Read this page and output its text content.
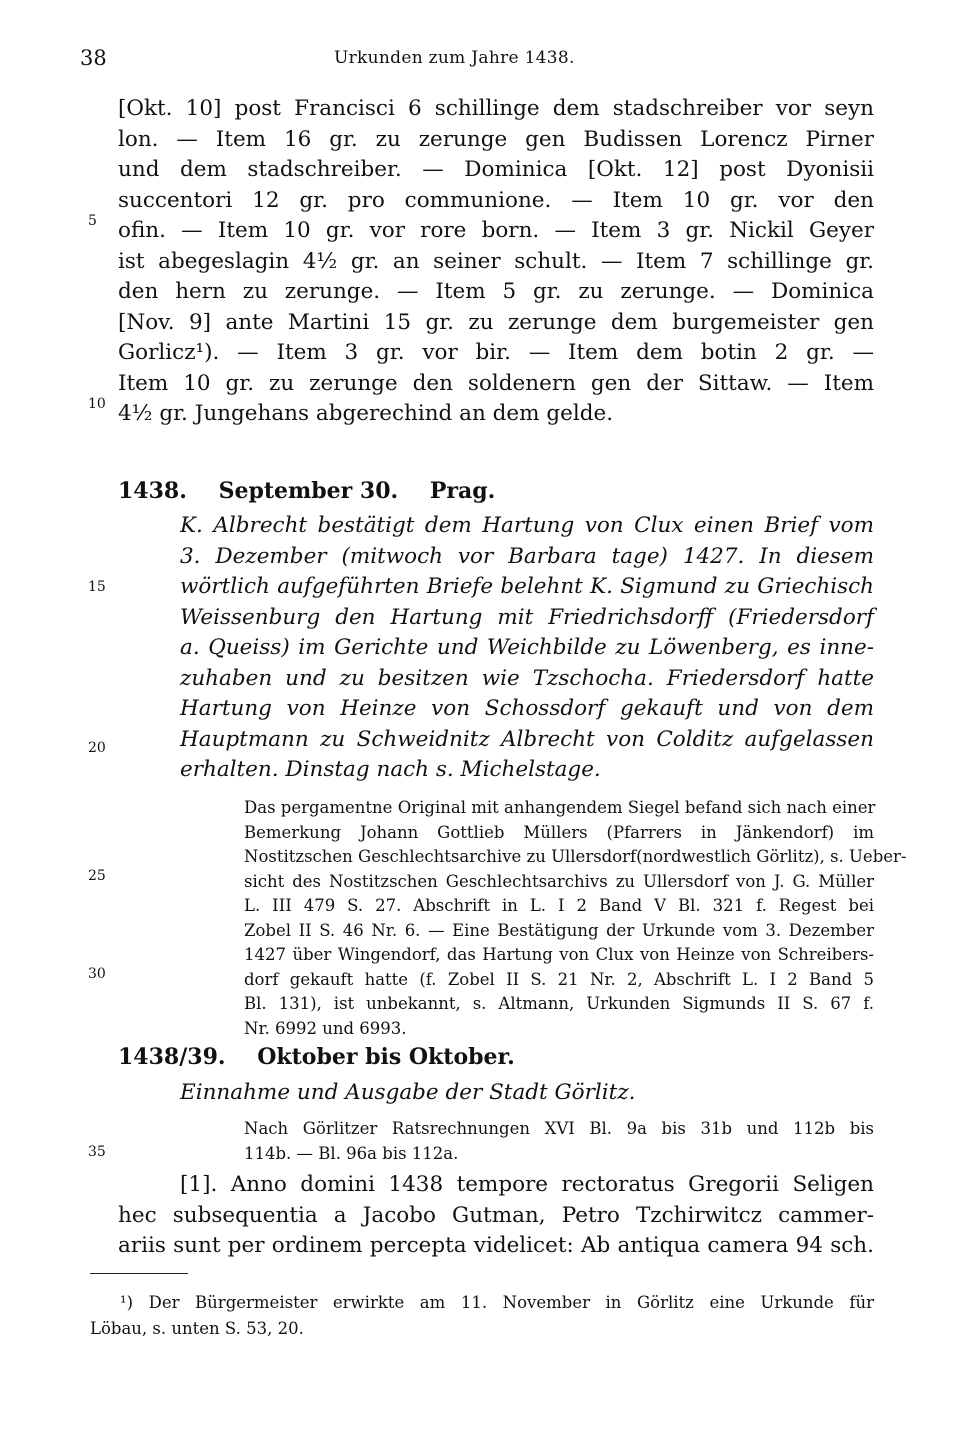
38	Urkunden zum Jahre 1438.
[Okt. 10] post Francisci 6 schillinge dem stadschreiber vor seyn
lon. — Item 16 gr. zu zerunge gen Budissen Lorencz Pirner
und dem stadschreiber. — Dominica [Okt. 12] post Dyonisii
succentori 12 gr. pro communione. — Item 10 gr. vor den
ofin. — Item 10 gr. vor rore born. — Item 3 gr. Nickil Geyer
ist abegeslagin 4½ gr. an seiner schult. — Item 7 schillinge gr.
den hern zu zerunge. — Item 5 gr. zu zerunge. — Dominica
[Nov. 9] ante Martini 15 gr. zu zerunge dem burgemeister gen
Gorlicz¹). — Item 3 gr. vor bir. — Item dem botin 2 gr. —
Item 10 gr. zu zerunge den soldenern gen der Sittaw. — Item
4½ gr. Jungehans abgerechind an dem gelde.
1438. September 30. Prag.
K. Albrecht bestätigt dem Hartung von Clux einen Brief vom
3. Dezember (mitwoch vor Barbara tage) 1427. In diesem
wörtlich aufgeführten Briefe belehnt K. Sigmund zu Griechisch
Weissenburg den Hartung mit Friedrichsdorff (Friedersdorf
a. Queiss) im Gerichte und Weichbilde zu Löwenberg, es inne-
zuhaben und zu besitzen wie Tzschocha. Friedersdorf hatte
Hartung von Heinze von Schossdorf gekauft und von dem
Hauptmann zu Schweidnitz Albrecht von Colditz aufgelassen
erhalten. Dinstag nach s. Michelstage.
Das pergamentne Original mit anhangendem Siegel befand sich nach einer
Bemerkung Johann Gottlieb Müllers (Pfarrers in Jänkendorf) im
Nostitzschen Geschlechtsarchive zu Ullersdorf(nordwestlich Görlitz), s. Ueber-
sicht des Nostitzschen Geschlechtsarchivs zu Ullersdorf von J. G. Müller
L. III 479 S. 27. Abschrift in L. I 2 Band V Bl. 321 f. Regest bei
Zobel II S. 46 Nr. 6. — Eine Bestätigung der Urkunde vom 3. Dezember
1427 über Wingendorf, das Hartung von Clux von Heinze von Schreibers-
dorf gekauft hatte (f. Zobel II S. 21 Nr. 2, Abschrift L. I 2 Band 5
Bl. 131), ist unbekannt, s. Altmann, Urkunden Sigmunds II S. 67 f.
Nr. 6992 und 6993.
1438/39. Oktober bis Oktober.
Einnahme und Ausgabe der Stadt Görlitz.
Nach Görlitzer Ratsrechnungen XVI Bl. 9a bis 31b und 112b bis
114b. — Bl. 96a bis 112a.
[1]. Anno domini 1438 tempore rectoratus Gregorii Seligen
hec subsequentia a Jacobo Gutman, Petro Tzchirwitcz cammer-
ariis sunt per ordinem percepta videlicet: Ab antiqua camera 94 sch.
5
10
15
20
25
30
35
¹) Der Bürgermeister erwirkte am 11. November in Görlitz eine Urkunde für
Löbau, s. unten S. 53, 20.
